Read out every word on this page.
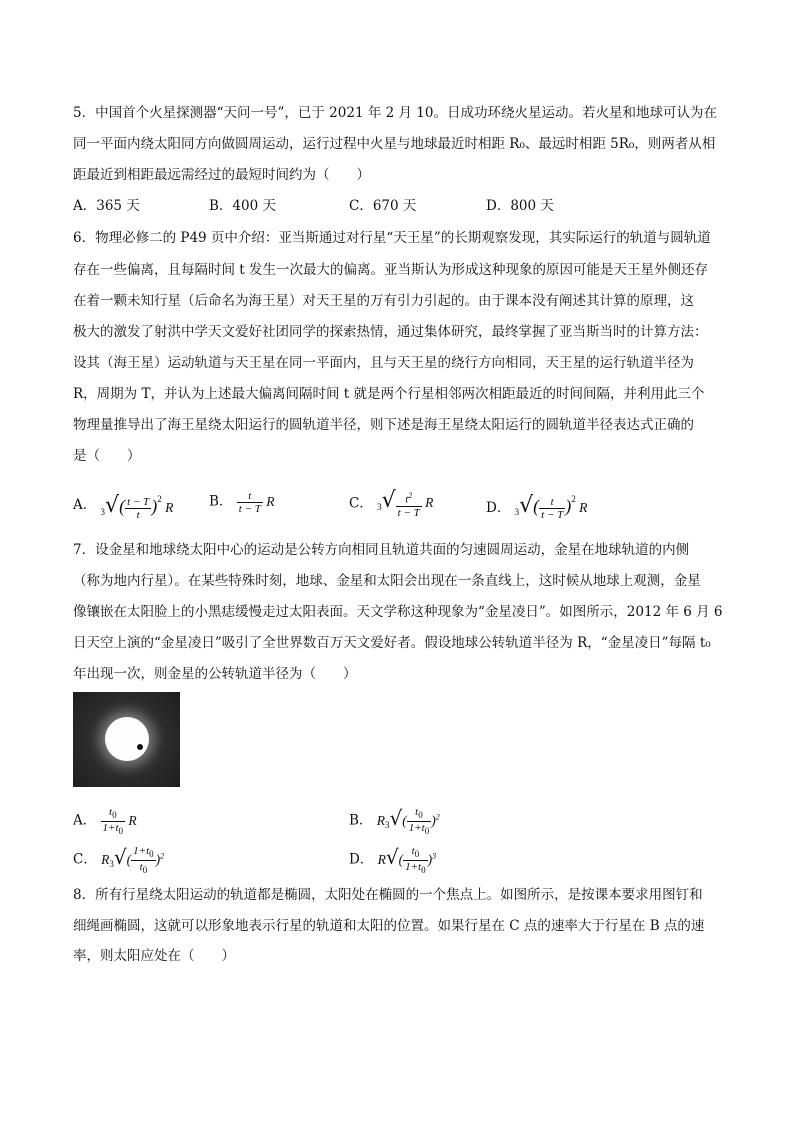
5．中国首个火星探测器“天问一号”，已于 2021 年 2 月 10。日成功环绕火星运动。若火星和地球可认为在
同一平面内绕太阳同方向做圆周运动，运行过程中火星与地球最近时相距 R₀、最远时相距 5R₀，则两者从相
距最近到相距最远需经过的最短时间约为（　　）
A．365 天	B．400 天	C．670 天	D．800 天
6．物理必修二的 P49 页中介绍：亚当斯通过对行星“天王星”的长期观察发现，其实际运行的轨道与圆轨道
存在一些偏离，且每隔时间 t 发生一次最大的偏离。亚当斯认为形成这种现象的原因可能是天王星外侧还存
在着一颗未知行星（后命名为海王星）对天王星的万有引力引起的。由于课本没有阐述其计算的原理，这
极大的激发了射洪中学天文爱好社团同学的探索热情，通过集体研究，最终掌握了亚当斯当时的计算方法：
设其（海王星）运动轨道与天王星在同一平面内，且与天王星的绕行方向相同，天王星的运行轨道半径为
R，周期为 T，并认为上述最大偏离间隔时间 t 就是两个行星相邻两次相距最近的时间间隔，并利用此三个
物理量推导出了海王星绕太阳运行的圆轨道半径，则下述是海王星绕太阳运行的圆轨道半径表达式正确的
是（　　）
A． $_3√( \frac{t - T}{t} )^2$ R	B． $\frac{t}{t - T}$ R	C． $_3√ \frac{t^2}{t - T}$ R	D． $_3√( \frac{t}{t - T} )^2$ R
7．设金星和地球绕太阳中心的运动是公转方向相同且轨道共面的匀速圆周运动，金星在地球轨道的内侧
（称为地内行星）。在某些特殊时刻，地球、金星和太阳会出现在一条直线上，这时候从地球上观测，金星
像镶嵌在太阳脸上的小黑痣缓慢走过太阳表面。天文学称这种现象为“金星凌日”。如图所示，2012 年 6 月 6
日天空上演的“金星凌日”吸引了全世界数百万天文爱好者。假设地球公转轨道半径为 R，“金星凌日”每隔 t₀
年出现一次，则金星的公转轨道半径为（　　）
A． $\frac{t_0}{1+t_0}$ R	B． $R_3√( \frac{t_0}{1+t_0} )^2$
C． $R_3√( \frac{1+t_0}{t_0} )^2$	D． $R√( \frac{t_0}{1+t_0} )^3$
8．所有行星绕太阳运动的轨道都是椭圆，太阳处在椭圆的一个焦点上。如图所示，是按课本要求用图钉和
细绳画椭圆，这就可以形象地表示行星的轨道和太阳的位置。如果行星在 C 点的速率大于行星在 B 点的速
率，则太阳应处在（　　）
